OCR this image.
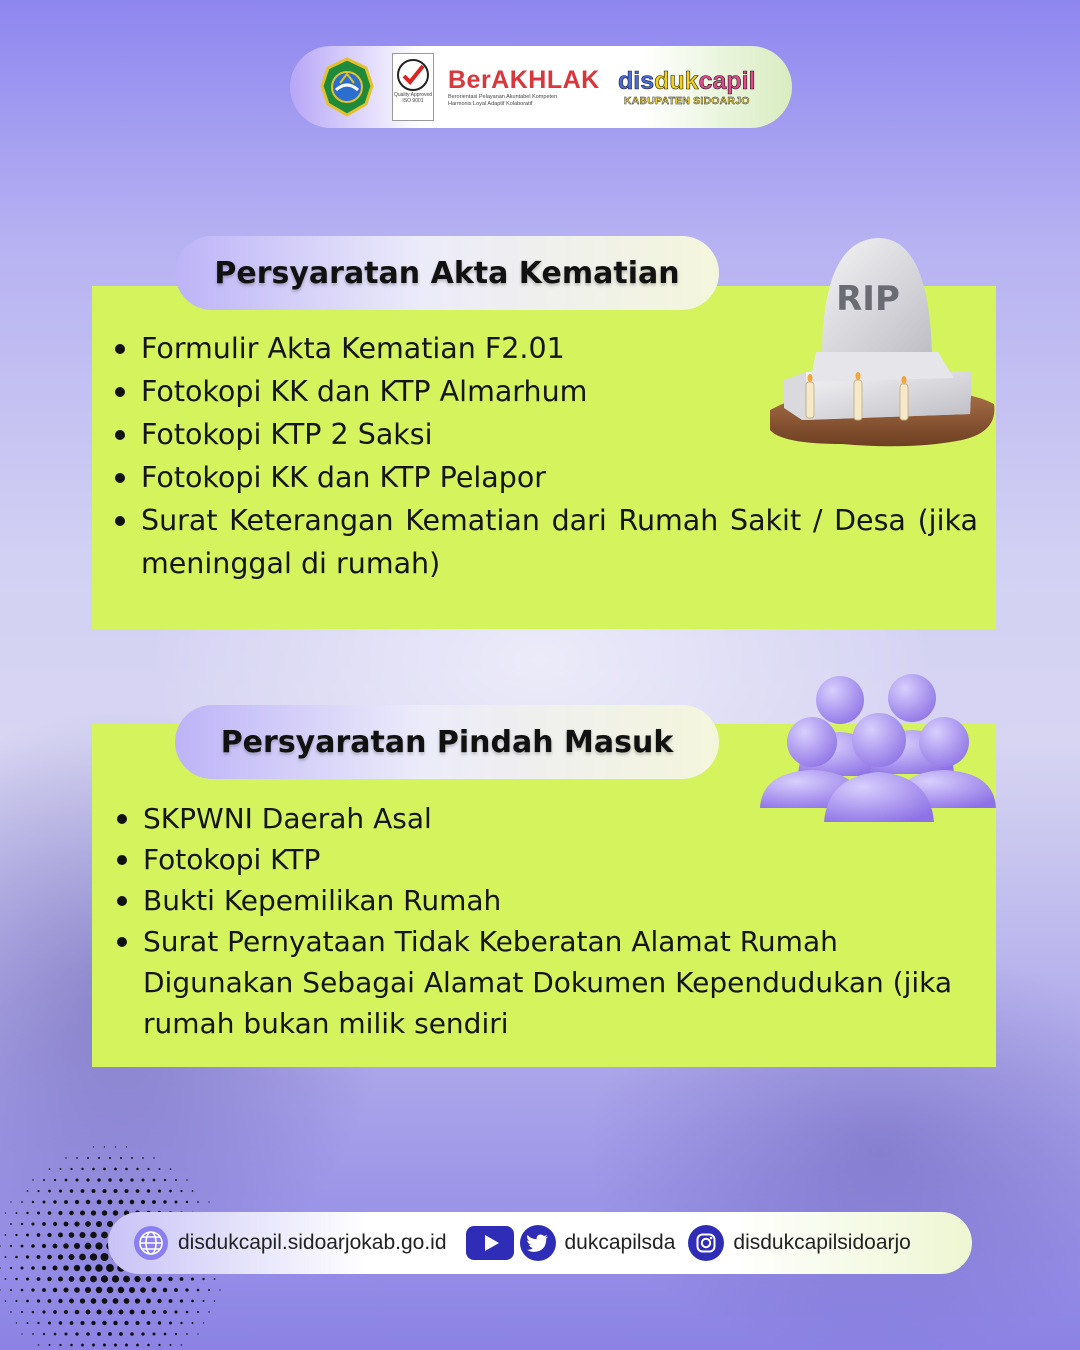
Quality Approved ISO 9001
BerAKHLAK
Berorientasi Pelayanan Akuntabel Kompeten
Harmonis Loyal Adaptif Kolaboratif
disdukcapil
KABUPATEN SIDOARJO
Persyaratan Akta Kematian
Formulir Akta Kematian F2.01
Fotokopi KK dan KTP Almarhum
Fotokopi KTP 2 Saksi
Fotokopi KK dan KTP Pelapor
Surat Keterangan Kematian dari Rumah Sakit / Desa (jika meninggal di rumah)
RIP
Persyaratan Pindah Masuk
SKPWNI Daerah Asal
Fotokopi KTP
Bukti Kepemilikan Rumah
Surat Pernyataan Tidak Keberatan Alamat Rumah Digunakan Sebagai Alamat Dokumen Kependudukan (jika rumah bukan milik sendiri
disdukcapil.sidoarjokab.go.id	dukcapilsda	disdukcapilsidoarjo
